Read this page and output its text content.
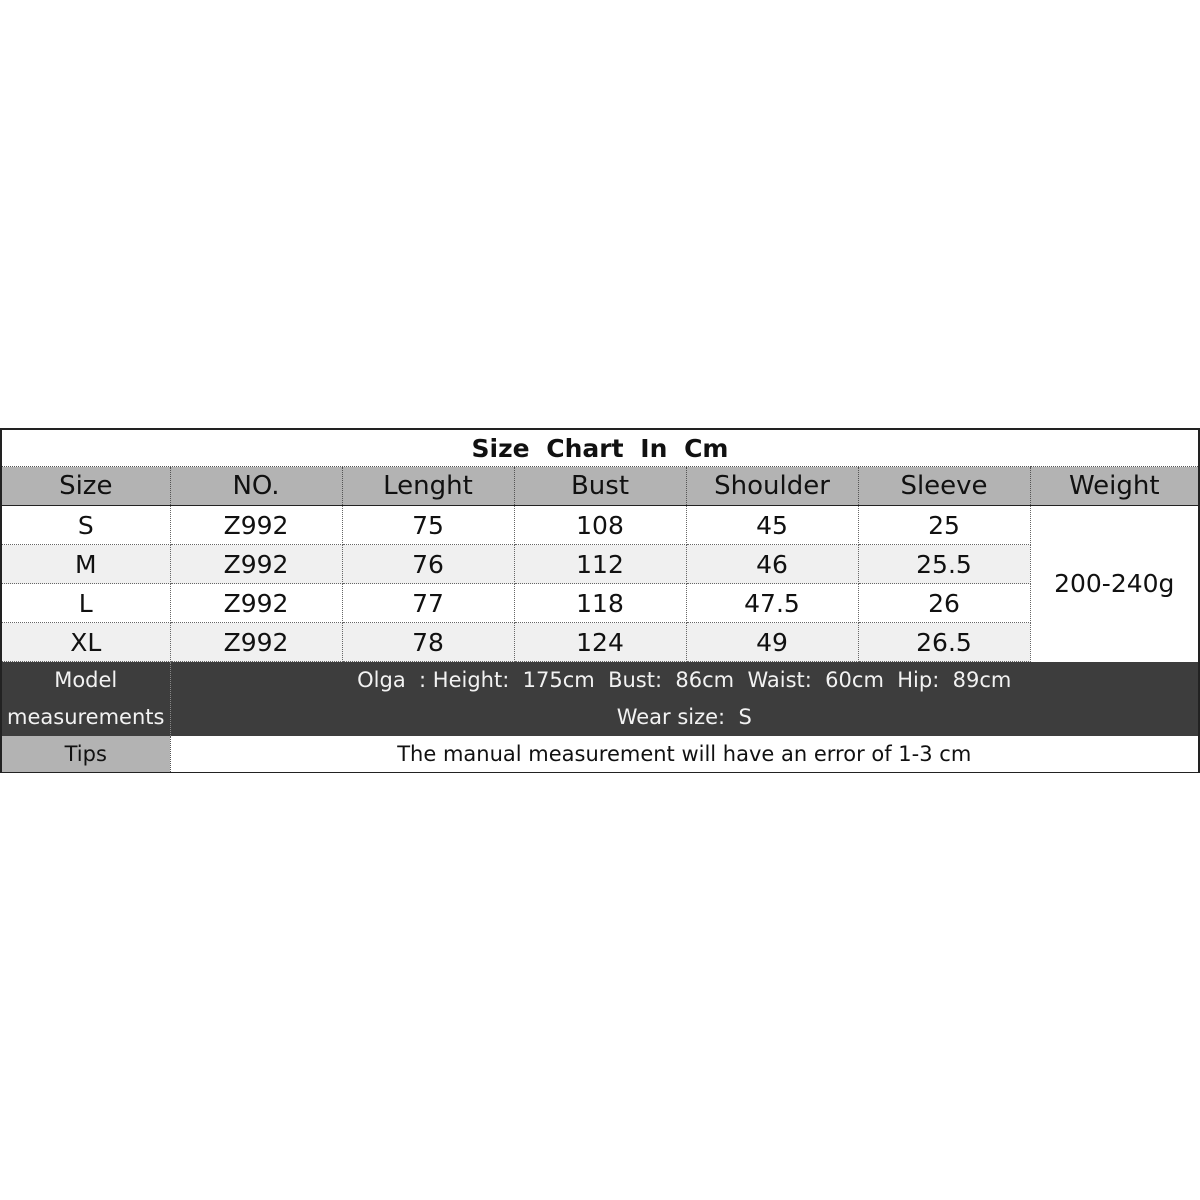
Size Chart In Cm						
Size	NO.	Lenght	Bust	Shoulder	Sleeve	Weight
S	Z992	75	108	45	25	200-240g
M	Z992	76	112	46	25.5	
L	Z992	77	118	47.5	26	
XL	Z992	78	124	49	26.5	

Model
measurements	Olga  : Height:  175cm  Bust:  86cm  Waist:  60cm  Hip:  89cm
Wear size:  S					

Tips	The manual measurement will have an error of 1-3 cm					
